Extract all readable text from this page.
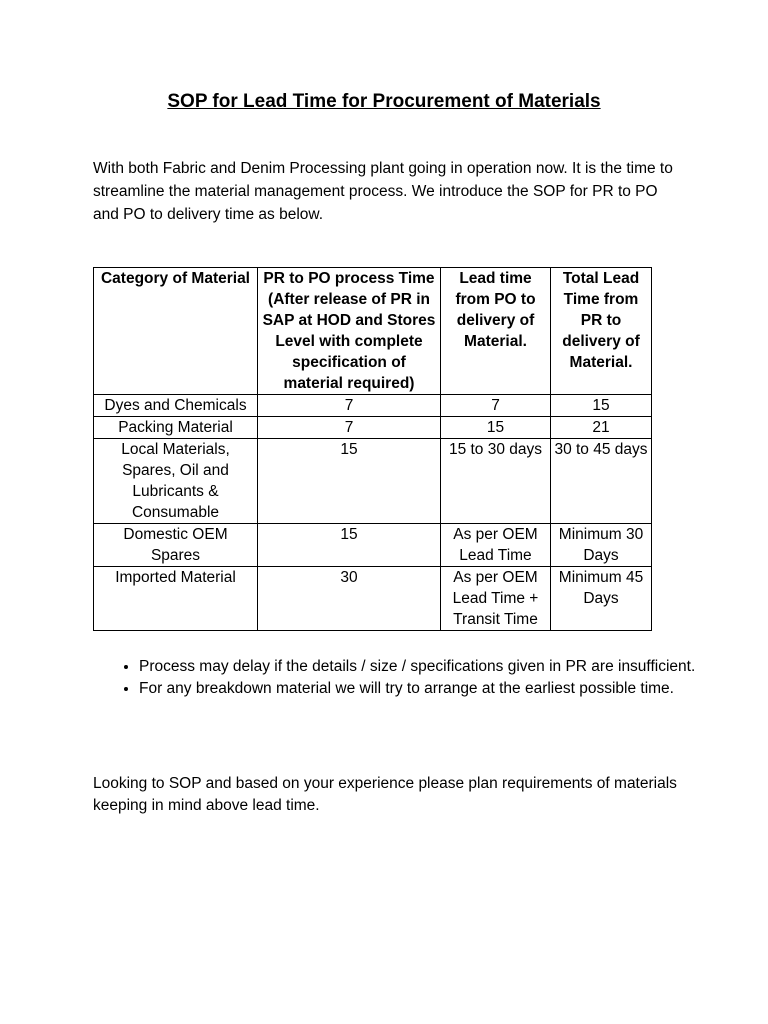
SOP for Lead Time for Procurement of Materials
With both Fabric and Denim Processing plant going in operation now. It is the time to streamline the material management process. We introduce the SOP for PR to PO and PO to delivery time as below.
Category of Material	PR to PO process Time (After release of PR in SAP at HOD and Stores Level with complete specification of material required)	Lead time from PO to delivery of Material.	Total Lead Time from PR to delivery of Material.
Dyes and Chemicals	7	7	15
Packing Material	7	15	21
Local Materials, Spares, Oil and Lubricants & Consumable	15	15 to 30 days	30 to 45 days
Domestic OEM Spares	15	As per OEM Lead Time	Minimum 30 Days
Imported Material	30	As per OEM Lead Time + Transit Time	Minimum 45 Days
• Process may delay if the details / size / specifications given in PR are insufficient.
• For any breakdown material we will try to arrange at the earliest possible time.
Looking to SOP and based on your experience please plan requirements of materials keeping in mind above lead time.
